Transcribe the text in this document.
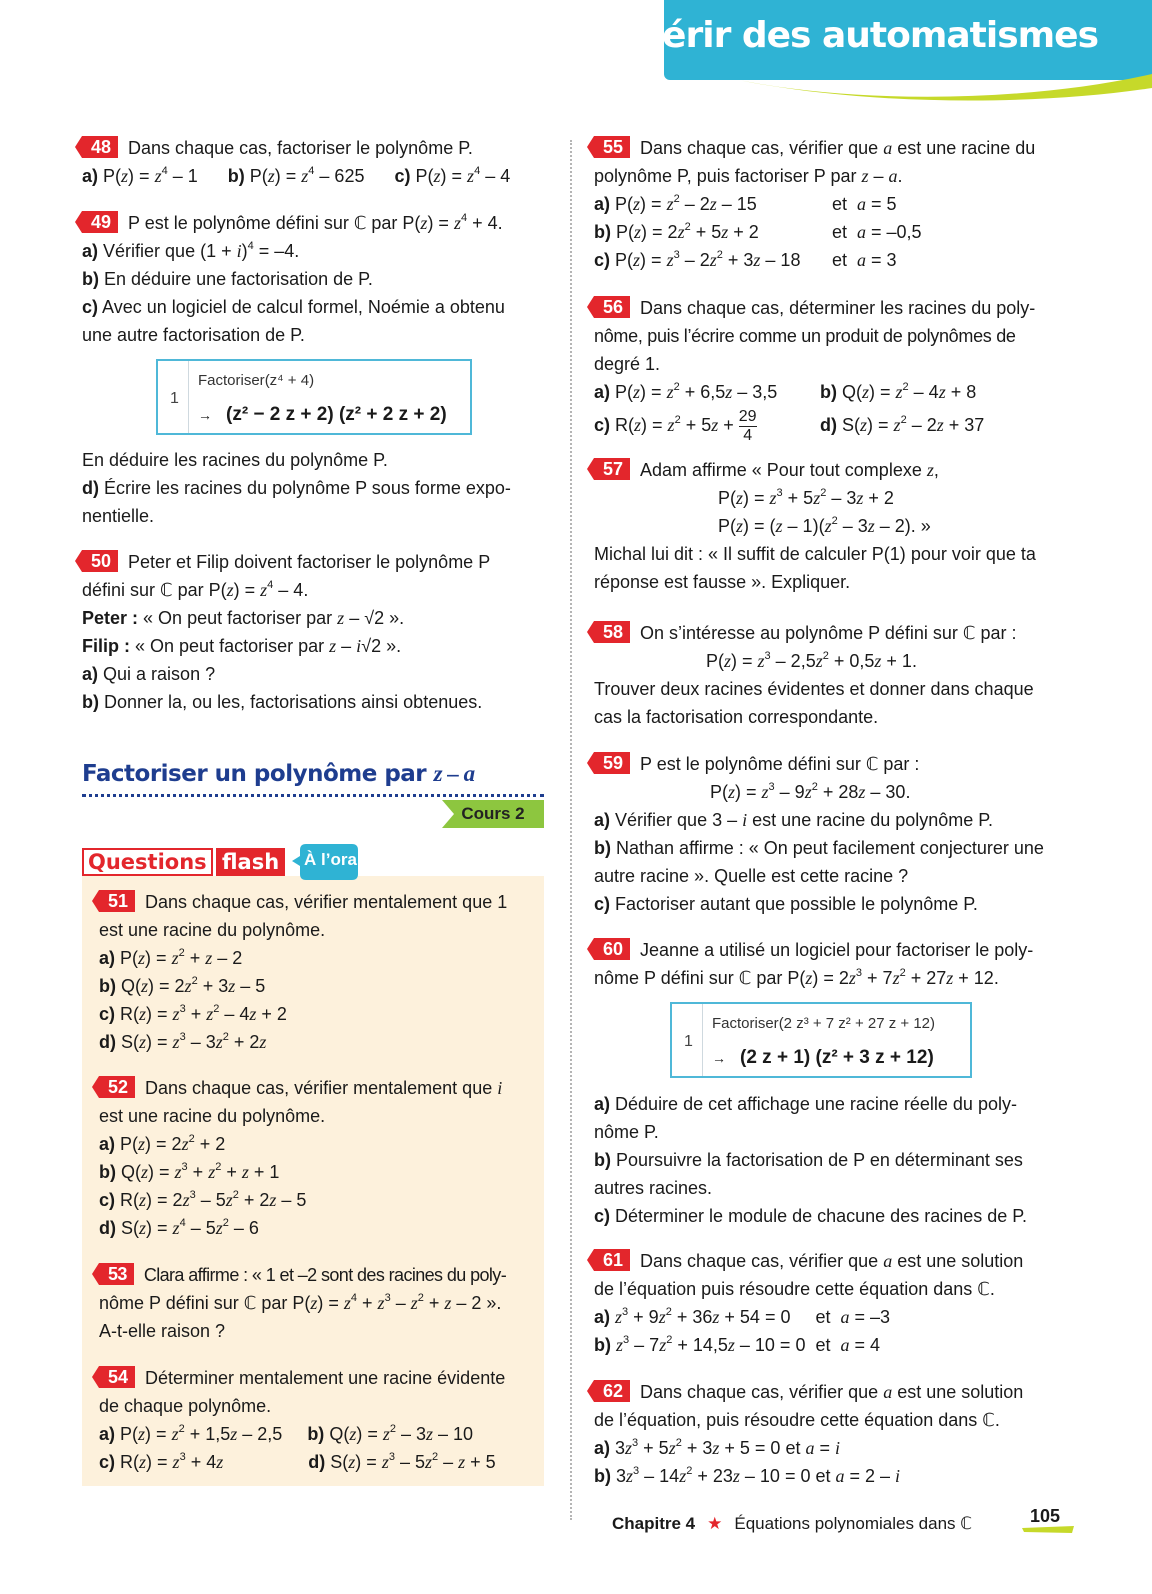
Acquérir des automatismes
48 Dans chaque cas, factoriser le polynôme P.
a) $P(z) = z^4 - 1$      b) $P(z) = z^4 - 625$      c) $P(z) = z^4 - 4$
49 P est le polynôme défini sur ℂ par $P(z) = z^4 + 4$.
a) Vérifier que $(1 + i)^4 = -4$.
b) En déduire une factorisation de P.
c) Avec un logiciel de calcul formel, Noémie a obtenu
une autre factorisation de P.
1
Factoriser(z⁴ + 4)
→ (z² − 2 z + 2) (z² + 2 z + 2)
En déduire les racines du polynôme P.
d) Écrire les racines du polynôme P sous forme expo-
nentielle.
50 Peter et Filip doivent factoriser le polynôme P
défini sur ℂ par $P(z) = z^4 - 4$.
Peter : « On peut factoriser par z – √2 ».
Filip : « On peut factoriser par z – i√2 ».
a) Qui a raison ?
b) Donner la, ou les, factorisations ainsi obtenues.
Factoriser un polynôme par z – a
Cours 2
Questions flash	À l’oral
51 Dans chaque cas, vérifier mentalement que 1
est une racine du polynôme.
a) $P(z) = z^2 + z - 2$
b) $Q(z) = 2z^2 + 3z - 5$
c) $R(z) = z^3 + z^2 - 4z + 2$
d) $S(z) = z^3 - 3z^2 + 2z$
52 Dans chaque cas, vérifier mentalement que i
est une racine du polynôme.
a) $P(z) = 2z^2 + 2$
b) $Q(z) = z^3 + z^2 + z + 1$
c) $R(z) = 2z^3 - 5z^2 + 2z - 5$
d) $S(z) = z^4 - 5z^2 - 6$
53 Clara affirme : « 1 et –2 sont des racines du poly-
nôme P défini sur ℂ par $P(z) = z^4 + z^3 - z^2 + z - 2$ ».
A-t-elle raison ?
54 Déterminer mentalement une racine évidente
de chaque polynôme.
a) $P(z) = z^2 + 1,5z - 2,5$     b) $Q(z) = z^2 - 3z - 10$
c) $R(z) = z^3 + 4z$	d) $S(z) = z^3 - 5z^2 - z + 5$
55 Dans chaque cas, vérifier que a est une racine du
polynôme P, puis factoriser P par z – a.
a) $P(z) = z^2 - 2z - 15$	et  a = 5
b) $P(z) = 2z^2 + 5z + 2$	et  a = –0,5
c) $P(z) = z^3 - 2z^2 + 3z - 18$ et  a = 3
56 Dans chaque cas, déterminer les racines du poly-
nôme, puis l’écrire comme un produit de polynômes de
degré 1.
a) $P(z) = z^2 + 6,5z - 3,5$ b) $Q(z) = z^2 - 4z + 8$
c) $R(z) = z^2 + 5z + \frac{29}{4}$	d) $S(z) = z^2 - 2z + 37$
57 Adam affirme « Pour tout complexe z,
$P(z) = z^3 + 5z^2 - 3z + 2$
$P(z) = (z - 1)(z^2 - 3z - 2)$. »
Michal lui dit : « Il suffit de calculer P(1) pour voir que ta
réponse est fausse ». Expliquer.
58 On s’intéresse au polynôme P défini sur ℂ par :
$P(z) = z^3 - 2,5z^2 + 0,5z + 1$.
Trouver deux racines évidentes et donner dans chaque
cas la factorisation correspondante.
59 P est le polynôme défini sur ℂ par :
$P(z) = z^3 - 9z^2 + 28z - 30$.
a) Vérifier que 3 – i est une racine du polynôme P.
b) Nathan affirme : « On peut facilement conjecturer une
autre racine ». Quelle est cette racine ?
c) Factoriser autant que possible le polynôme P.
60 Jeanne a utilisé un logiciel pour factoriser le poly-
nôme P défini sur ℂ par $P(z) = 2z^3 + 7z^2 + 27z + 12$.
1
Factoriser(2 z³ + 7 z² + 27 z + 12)
→ (2 z + 1) (z² + 3 z + 12)
a) Déduire de cet affichage une racine réelle du poly-
nôme P.
b) Poursuivre la factorisation de P en déterminant ses
autres racines.
c) Déterminer le module de chacune des racines de P.
61 Dans chaque cas, vérifier que a est une solution
de l’équation puis résoudre cette équation dans ℂ.
a) $z^3 + 9z^2 + 36z + 54 = 0$     et  a = –3
b) $z^3 - 7z^2 + 14,5z - 10 = 0$  et  a = 4
62 Dans chaque cas, vérifier que a est une solution
de l’équation, puis résoudre cette équation dans ℂ.
a) $3z^3 + 5z^2 + 3z + 5 = 0$ et a = i
b) $3z^3 - 14z^2 + 23z - 10 = 0$ et a = 2 – i
Chapitre 4 ★ Équations polynomiales dans ℂ	105
